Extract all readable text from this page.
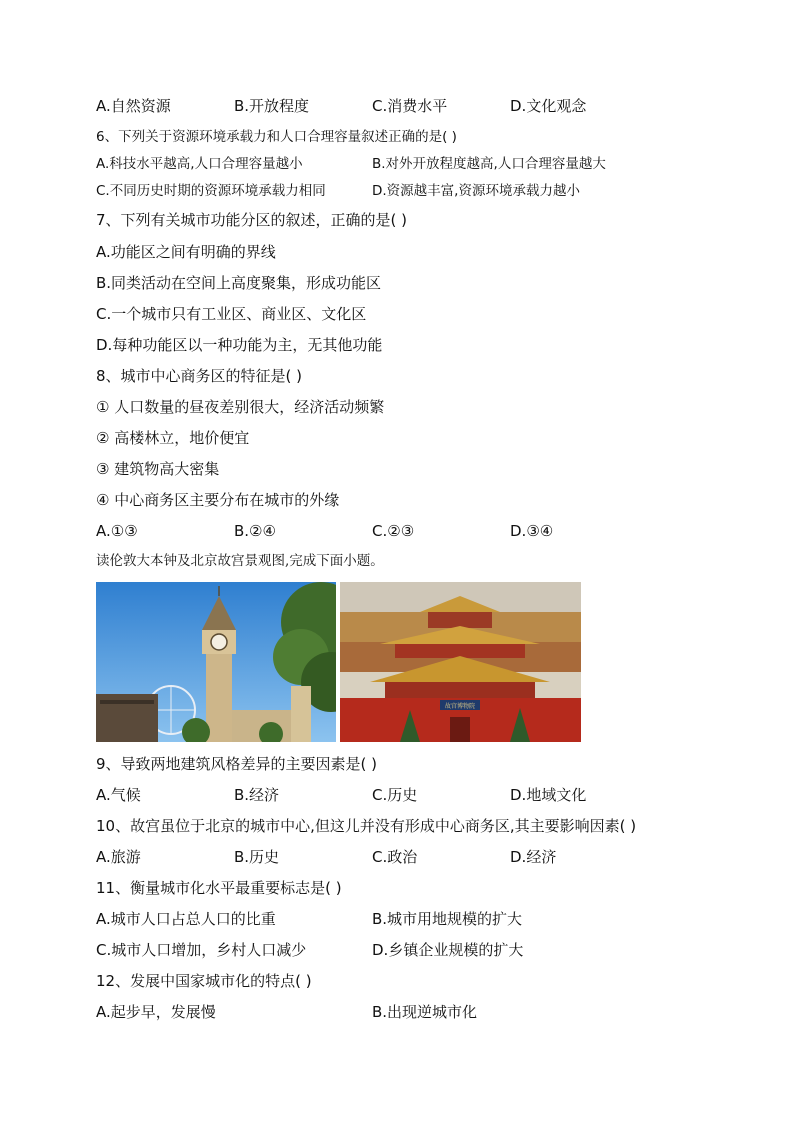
A.自然资源	B.开放程度	C.消费水平	D.文化观念
6、下列关于资源环境承载力和人口合理容量叙述正确的是( )
A.科技水平越高,人口合理容量越小	B.对外开放程度越高,人口合理容量越大
C.不同历史时期的资源环境承载力相同	D.资源越丰富,资源环境承载力越小
7、下列有关城市功能分区的叙述，正确的是( )
A.功能区之间有明确的界线
B.同类活动在空间上高度聚集，形成功能区
C.一个城市只有工业区、商业区、文化区
D.每种功能区以一种功能为主，无其他功能
8、城市中心商务区的特征是( )
① 人口数量的昼夜差别很大，经济活动频繁
② 高楼林立，地价便宜
③ 建筑物高大密集
④ 中心商务区主要分布在城市的外缘
A.①③	B.②④	C.②③	D.③④
读伦敦大本钟及北京故宫景观图,完成下面小题。
故宫博物院
9、导致两地建筑风格差异的主要因素是( )
A.气候	B.经济	C.历史	D.地域文化
10、故宫虽位于北京的城市中心,但这儿并没有形成中心商务区,其主要影响因素( )
A.旅游	B.历史	C.政治	D.经济
11、衡量城市化水平最重要标志是( )
A.城市人口占总人口的比重	B.城市用地规模的扩大
C.城市人口增加，乡村人口减少	D.乡镇企业规模的扩大
12、发展中国家城市化的特点( )
A.起步早，发展慢	B.出现逆城市化
